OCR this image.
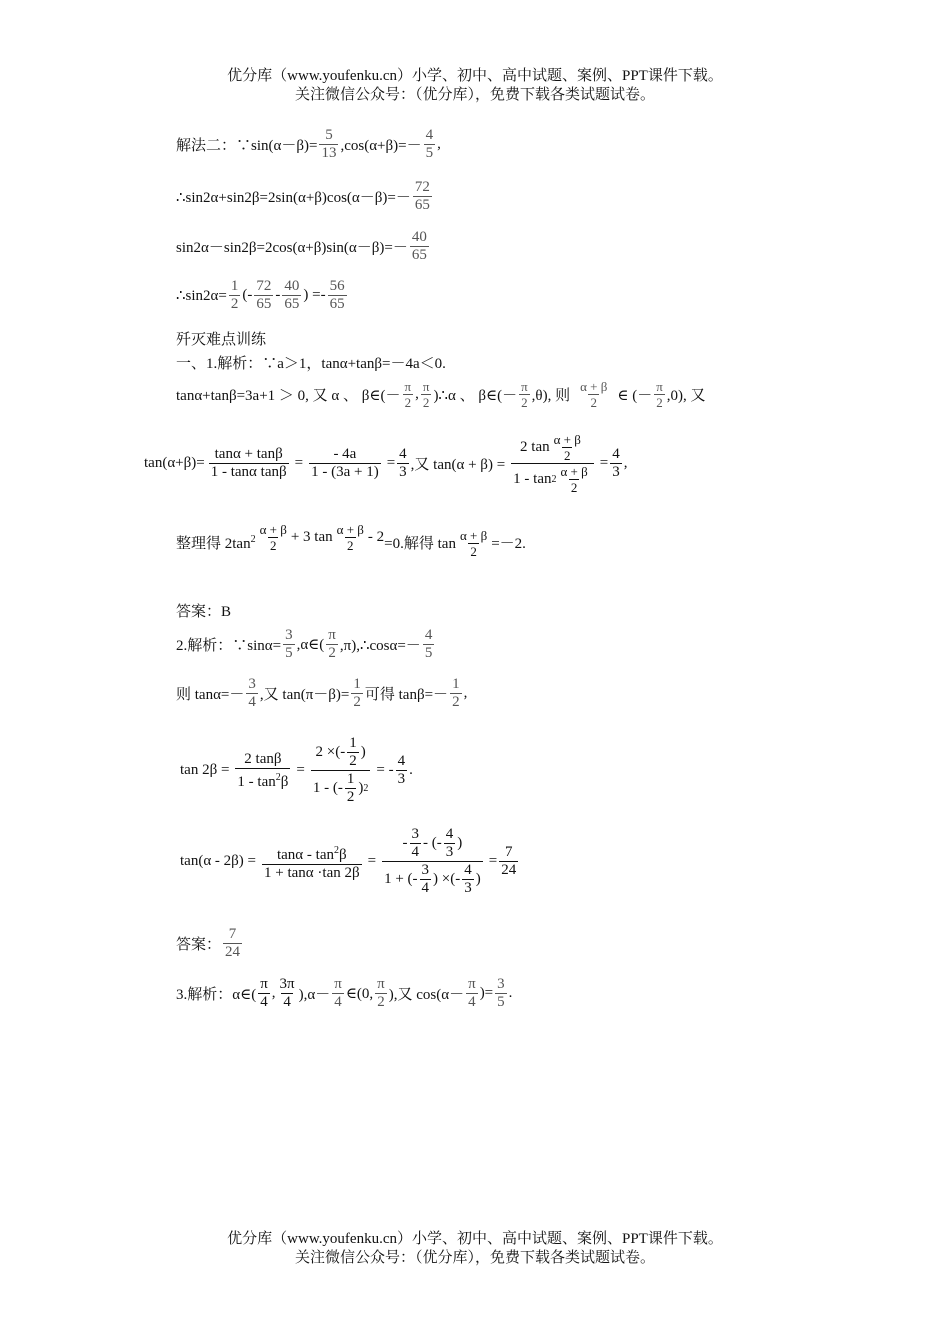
优分库（www.youfenku.cn）小学、初中、高中试题、案例、PPT课件下载。
关注微信公众号：（优分库），免费下载各类试题试卷。
解法二：∵sin(α－β)= $\frac{5}{13} ,\cos(\alpha+\beta)=- \frac{4}{5}$ ,
∴sin2α+sin2β=2sin(α+β)cos(α－β)=－ $\frac{72}{65}$
$\sin 2\alpha-\sin 2\beta=2\cos(\alpha+\beta)\sin(\alpha-\beta)=- \frac{40}{65}$
∴sin2α= $\frac{1}{2}$ (- $\frac{72}{65} - \frac{40}{65}$ ) =- $\frac{56}{65}$
歼灭难点训练
一、1.解析：∵a＞1，tanα+tanβ=－4a＜0.
tanα+tanβ=3a+1 ＞ 0, 又 α 、 β∈(－ $\frac{\pi}{2}$ , $\frac{\pi}{2}$ )∴α 、 β∈(－ $\frac{\pi}{2} ,\theta$), 则 $\frac{\alpha + \beta}{2}$ ∈ (－ $\frac{\pi}{2} ,0$), 又
$\tan(\alpha+\beta)= \frac{\tan\alpha + \tan\beta}{\text{1 - tanα tanβ}} = \frac{- 4a}{1 - (3a + 1)} = \frac{4}{3}$ ,又 $\tan(\alpha + \beta) = \frac{2 \tan \frac{\alpha + \beta}{2}}{1 - \tan 2 \frac{\alpha + \beta}{2}} = \frac{4}{3}$ ,
整理得 $2\tan^2 \frac{\alpha + \beta}{2} + 3$ $\tan \frac{\alpha + \beta}{2} - 2 =0$.解得 $\tan \frac{\alpha + \beta}{2} =-2$.
答案：B
2.解析：∵sinα= $\frac{3}{5}$ ,α∈( $\frac{\pi}{2}$ ,π),∴cosα=－ $\frac{4}{5}$
则 $\tan\alpha=- \frac{3}{4}$ ,又 $\tan(\pi-\beta)= \frac{1}{2}$ 可得 $\tan\beta=- \frac{1}{2}$ ,
$\tan 2\beta = \frac{2 \tan\beta}{1 - \tan^2\beta} = \frac{2 \times(- \frac{1}{2} )}{1 - (- \frac{1}{2} ) 2}$ = - $\frac{4}{3}$ .
$\tan(\alpha - 2\beta) = \frac{\tan\alpha - \tan^2\beta}{1 + \tan\alpha \cdot\tan 2\beta} = \frac{- \frac{3}{4} - (- \frac{4}{3} )}{1 + (- \frac{3}{4} ) \times(- \frac{4}{3} )} = \frac{7}{24}$
答案： $\frac{7}{24}$
3.解析：α∈( $\frac{\pi}{4}$ , $\frac{3\pi}{4} ),\alpha- \frac{\pi}{4}$ ∈(0, $\frac{\pi}{2}$ ),又 $\cos(\alpha- \frac{\pi}{4}$ )= $\frac{3}{5}$ .
优分库（www.youfenku.cn）小学、初中、高中试题、案例、PPT课件下载。
关注微信公众号：（优分库），免费下载各类试题试卷。
